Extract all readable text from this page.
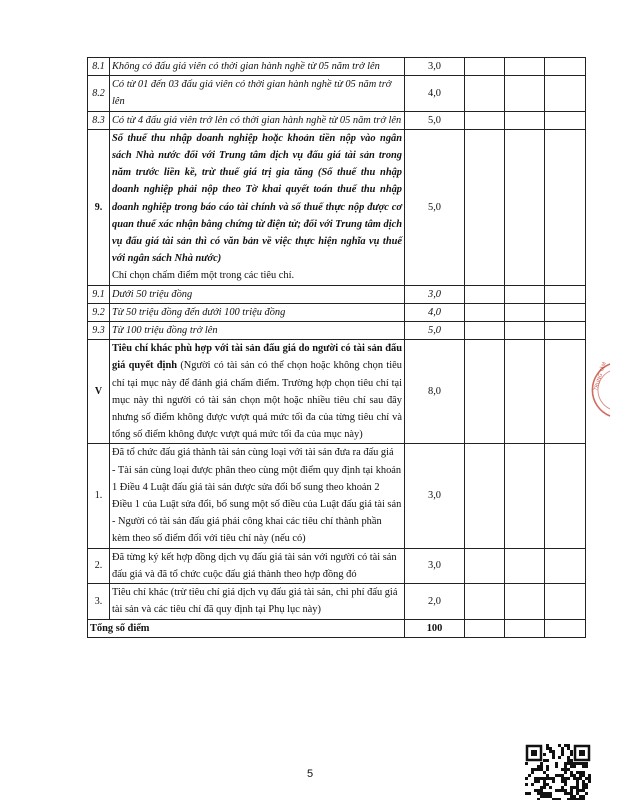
8.1	Không có đấu giá viên có thời gian hành nghề từ 05 năm trở lên	3,0			
8.2	Có từ 01 đến 03 đấu giá viên có thời gian hành nghề từ 05 năm trở lên	4,0			
8.3	Có từ 4 đấu giá viên trở lên có thời gian hành nghề từ 05 năm trở lên	5,0			
9.	Số thuế thu nhập doanh nghiệp hoặc khoản tiền nộp vào ngân sách Nhà nước đối với Trung tâm dịch vụ đấu giá tài sản trong năm trước liền kề, trừ thuế giá trị gia tăng (Số thuế thu nhập doanh nghiệp phải nộp theo Tờ khai quyết toán thuế thu nhập doanh nghiệp trong báo cáo tài chính và số thuế thực nộp được cơ quan thuế xác nhận bằng chứng từ điện tử; đối với Trung tâm dịch vụ đấu giá tài sản thì có văn bản về việc thực hiện nghĩa vụ thuế với ngân sách Nhà nước)
Chỉ chọn chấm điểm một trong các tiêu chí.	5,0			
9.1	Dưới 50 triệu đồng	3,0			
9.2	Từ 50 triệu đồng đến dưới 100 triệu đồng	4,0			
9.3	Từ 100 triệu đồng trở lên	5,0			
V	Tiêu chí khác phù hợp với tài sản đấu giá do người có tài sản đấu giá quyết định (Người có tài sản có thể chọn hoặc không chọn tiêu chí tại mục này để đánh giá chấm điểm. Trường hợp chọn tiêu chí tại mục này thì người có tài sản chọn một hoặc nhiều tiêu chí sau đây nhưng số điểm không được vượt quá mức tối đa của từng tiêu chí và tổng số điểm không được vượt quá mức tối đa của mục này)	8,0			
1.	Đã tổ chức đấu giá thành tài sản cùng loại với tài sản đưa ra đấu giá
- Tài sản cùng loại được phân theo cùng một điểm quy định tại khoản 1 Điều 4 Luật đấu giá tài sản được sửa đổi bổ sung theo khoản 2 Điều 1 của Luật sửa đổi, bổ sung một số điều của Luật đấu giá tài sản
- Người có tài sản đấu giá phải công khai các tiêu chí thành phần kèm theo số điểm đối với tiêu chí này (nếu có)	3,0			
2.	Đã từng ký kết hợp đồng dịch vụ đấu giá tài sản với người có tài sản đấu giá và đã tổ chức cuộc đấu giá thành theo hợp đồng đó	3,0			
3.	Tiêu chí khác (trừ tiêu chí giá dịch vụ đấu giá tài sản, chi phí đấu giá tài sản và các tiêu chí đã quy định tại Phụ lục này)	2,0			
Tổng số điểm		100			
TRUNG TÂM
5
